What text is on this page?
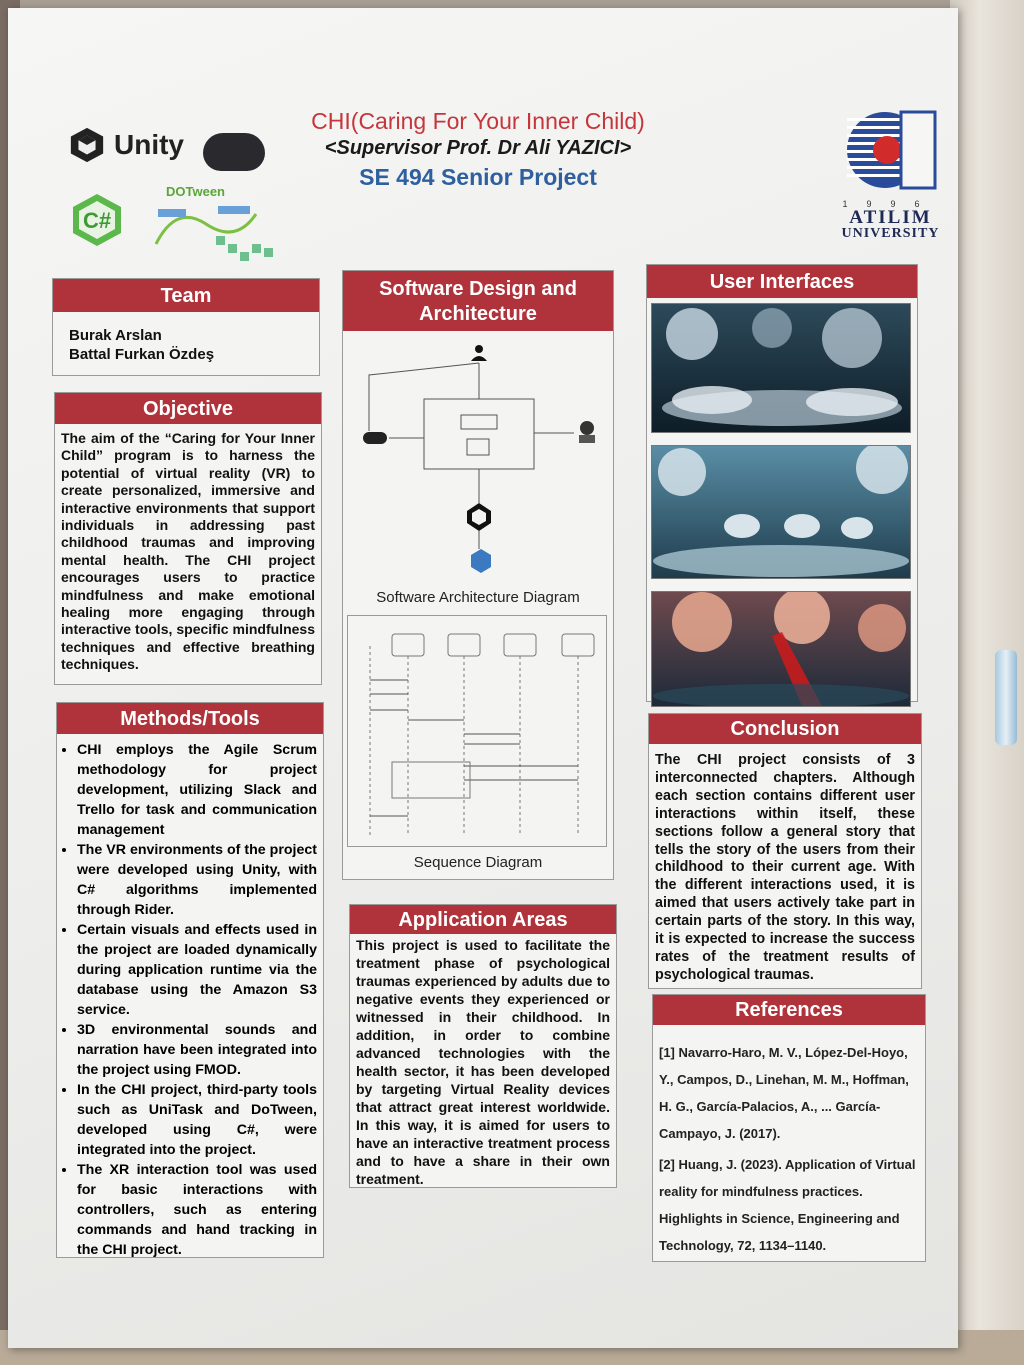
Unity
C#
DOTween
CHI(Caring For Your Inner Child)
<Supervisor Prof. Dr Ali YAZICI>
SE 494 Senior Project
1996
ATILIM
UNIVERSITY
Team
Burak Arslan
Battal Furkan Özdeş
Objective
The aim of the “Caring for Your Inner Child” program is to harness the potential of virtual reality (VR) to create personalized, immersive and interactive environments that support individuals in addressing past childhood traumas and improving mental health. The CHI project encourages users to practice mindfulness and make emotional healing more engaging through interactive tools, specific mindfulness techniques and effective breathing techniques.
Methods/Tools
• CHI employs the Agile Scrum methodology for project development, utilizing Slack and Trello for task and communication management
• The VR environments of the project were developed using Unity, with C# algorithms implemented through Rider.
• Certain visuals and effects used in the project are loaded dynamically during application runtime via the database using the Amazon S3 service.
• 3D environmental sounds and narration have been integrated into the project using FMOD.
• In the CHI project, third-party tools such as UniTask and DoTween, developed using C#, were integrated into the project.
• The XR interaction tool was used for basic interactions with controllers, such as entering commands and hand tracking in the CHI project.
Software Design and Architecture
Software Architecture Diagram
Sequence Diagram
Application Areas
This project is used to facilitate the treatment phase of psychological traumas experienced by adults due to negative events they experienced or witnessed in their childhood. In addition, in order to combine advanced technologies with the health sector, it has been developed by targeting Virtual Reality devices that attract great interest worldwide. In this way, it is aimed for users to have an interactive treatment process and to have a share in their own treatment.
User Interfaces
Conclusion
The CHI project consists of 3 interconnected chapters. Although each section contains different user interactions within itself, these sections follow a general story that tells the story of the users from their childhood to their current age. With the different interactions used, it is aimed that users actively take part in certain parts of the story. In this way, it is expected to increase the success rates of the treatment results of psychological traumas.
References
[1] Navarro-Haro, M. V., López-Del-Hoyo, Y., Campos, D., Linehan, M. M., Hoffman, H. G., García-Palacios, A., ... García-Campayo, J. (2017).
[2] Huang, J. (2023). Application of Virtual reality for mindfulness practices. Highlights in Science, Engineering and Technology, 72, 1134–1140.
